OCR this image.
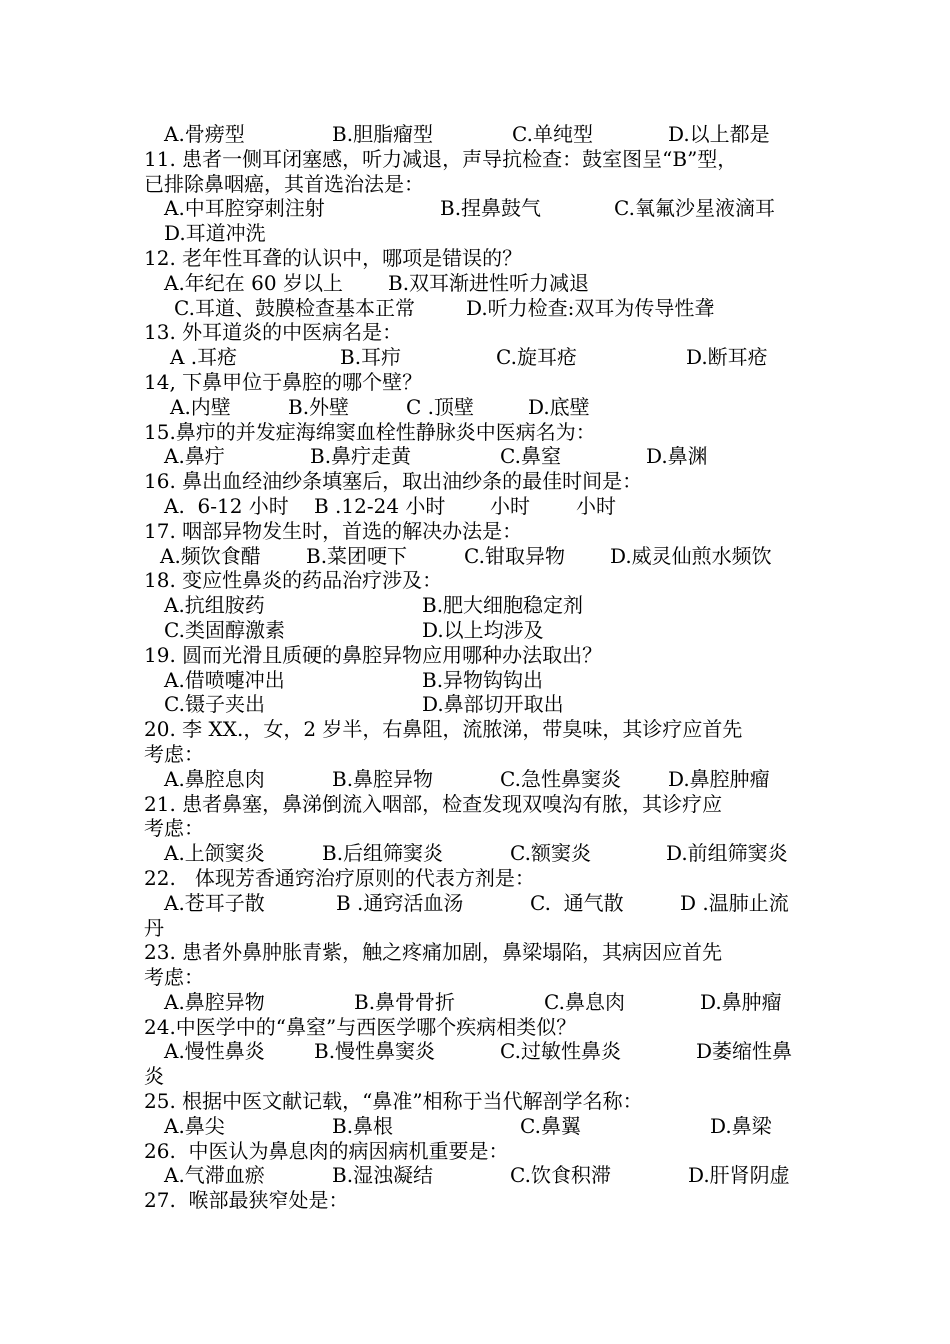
A.骨痨型	B.胆脂瘤型	C.单纯型	D.以上都是
11. 患者一侧耳闭塞感，听力减退，声导抗检查：鼓室图呈“B”型，
已排除鼻咽癌，其首选治法是：
A.中耳腔穿刺注射	B.捏鼻鼓气	C.氧氟沙星液滴耳
D.耳道冲洗
12. 老年性耳聋的认识中，哪项是错误的？
A.年纪在 60 岁以上 B.双耳渐进性听力减退
C.耳道、鼓膜检查基本正常	D.听力检查:双耳为传导性聋
13. 外耳道炎的中医病名是：
A .耳疮	B.耳疖	C.旋耳疮	D.断耳疮
14, 下鼻甲位于鼻腔的哪个壁？
A.内壁	B.外壁	C .顶壁	D.底壁
15.鼻疖的并发症海绵窦血栓性静脉炎中医病名为：
A.鼻疔	B.鼻疔走黄	C.鼻窒	D.鼻渊
16. 鼻出血经油纱条填塞后，取出油纱条的最佳时间是：
A.  6-12 小时 B .12-24 小时 小时 小时
17. 咽部异物发生时，首选的解决办法是：
A.频饮食醋 B.菜团哽下	C.钳取异物 D.威灵仙煎水频饮
18. 变应性鼻炎的药品治疗涉及：
A.抗组胺药	B.肥大细胞稳定剂
C.类固醇激素	D.以上均涉及
19. 圆而光滑且质硬的鼻腔异物应用哪种办法取出？
A.借喷嚏冲出	B.异物钩钩出
C.镊子夹出	D.鼻部切开取出
20. 李 XX.，女，2 岁半，右鼻阻，流脓涕，带臭味，其诊疗应首先
考虑：
A.鼻腔息肉	B.鼻腔异物	C.急性鼻窦炎 D.鼻腔肿瘤
21. 患者鼻塞，鼻涕倒流入咽部，检查发现双嗅沟有脓，其诊疗应
考虑：
A.上颌窦炎	B.后组筛窦炎	C.额窦炎	D.前组筛窦炎
22.   体现芳香通窍治疗原则的代表方剂是：
A.苍耳子散	B .通窍活血汤	C.  通气散	D .温肺止流
丹
23. 患者外鼻肿胀青紫，触之疼痛加剧，鼻梁塌陷，其病因应首先
考虑：
A.鼻腔异物	B.鼻骨骨折	C.鼻息肉	D.鼻肿瘤
24.中医学中的“鼻窒”与西医学哪个疾病相类似？
A.慢性鼻炎 B.慢性鼻窦炎	C.过敏性鼻炎	D萎缩性鼻
炎
25. 根据中医文献记载，“鼻准”相称于当代解剖学名称：
A.鼻尖	B.鼻根	C.鼻翼	D.鼻梁
26.  中医认为鼻息肉的病因病机重要是：
A.气滞血瘀	B.湿浊凝结	C.饮食积滞	D.肝肾阴虚
27.  喉部最狭窄处是：
